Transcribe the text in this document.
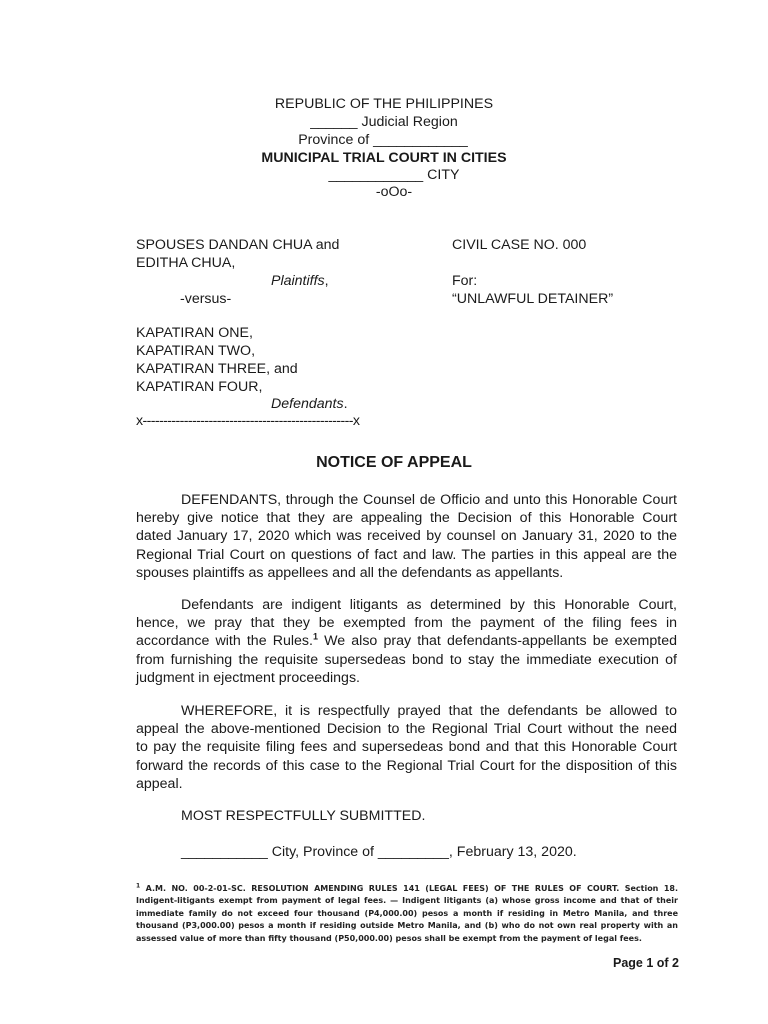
REPUBLIC OF THE PHILIPPINES
______ Judicial Region
Province of ____________
MUNICIPAL TRIAL COURT IN CITIES
____________ CITY
-oOo-
SPOUSES DANDAN CHUA and
EDITHA CHUA,
Plaintiffs,
-versus-
KAPATIRAN ONE,
KAPATIRAN TWO,
KAPATIRAN THREE, and
KAPATIRAN FOUR,
Defendants.
x---------------------------------------------------x
CIVIL CASE NO. 000
For:
“UNLAWFUL DETAINER”
NOTICE OF APPEAL
DEFENDANTS, through the Counsel de Officio and unto this Honorable Court
hereby give notice that they are appealing the Decision of this Honorable Court
dated January 17, 2020 which was received by counsel on January 31, 2020 to the
Regional Trial Court on questions of fact and law. The parties in this appeal are the
spouses plaintiffs as appellees and all the defendants as appellants.
Defendants are indigent litigants as determined by this Honorable Court,
hence, we pray that they be exempted from the payment of the filing fees in
accordance with the Rules.$^1$ We also pray that defendants-appellants be exempted
from furnishing the requisite supersedeas bond to stay the immediate execution of
judgment in ejectment proceedings.
WHEREFORE, it is respectfully prayed that the defendants be allowed to
appeal the above-mentioned Decision to the Regional Trial Court without the need
to pay the requisite filing fees and supersedeas bond and that this Honorable Court
forward the records of this case to the Regional Trial Court for the disposition of this
appeal.
MOST RESPECTFULLY SUBMITTED.
___________ City, Province of _________, February 13, 2020.
$^1$ A.M. NO. 00-2-01-SC. RESOLUTION AMENDING RULES 141 (LEGAL FEES) OF THE RULES OF COURT. Section 18.
Indigent-litigants exempt from payment of legal fees. — Indigent litigants (a) whose gross income and that of their
immediate family do not exceed four thousand (P4,000.00) pesos a month if residing in Metro Manila, and three
thousand (P3,000.00) pesos a month if residing outside Metro Manila, and (b) who do not own real property with an
assessed value of more than fifty thousand (P50,000.00) pesos shall be exempt from the payment of legal fees.
Page 1 of 2
